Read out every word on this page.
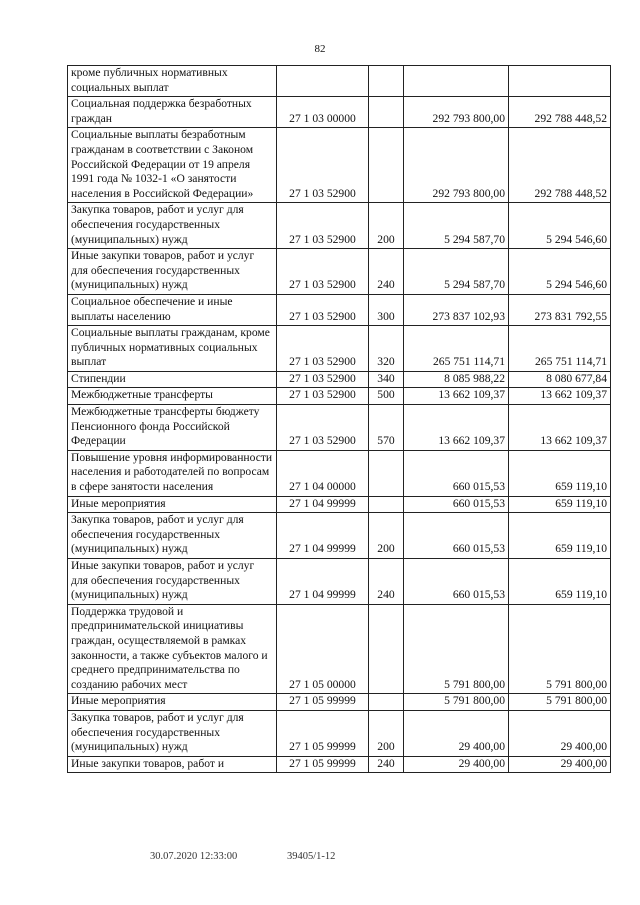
82
кроме публичных нормативных социальных выплат				
Социальная поддержка безработных граждан	27 1 03 00000		292 793 800,00	292 788 448,52
Социальные выплаты безработным гражданам в соответствии с Законом Российской Федерации от 19 апреля 1991 года № 1032-1 «О занятости населения в Российской Федерации»	27 1 03 52900		292 793 800,00	292 788 448,52
Закупка товаров, работ и услуг для обеспечения государственных (муниципальных) нужд	27 1 03 52900	200	5 294 587,70	5 294 546,60
Иные закупки товаров, работ и услуг для обеспечения государственных (муниципальных) нужд	27 1 03 52900	240	5 294 587,70	5 294 546,60
Социальное обеспечение и иные выплаты населению	27 1 03 52900	300	273 837 102,93	273 831 792,55
Социальные выплаты гражданам, кроме публичных нормативных социальных выплат	27 1 03 52900	320	265 751 114,71	265 751 114,71
Стипендии	27 1 03 52900	340	8 085 988,22	8 080 677,84
Межбюджетные трансферты	27 1 03 52900	500	13 662 109,37	13 662 109,37
Межбюджетные трансферты бюджету Пенсионного фонда Российской Федерации	27 1 03 52900	570	13 662 109,37	13 662 109,37
Повышение уровня информированности населения и работодателей по вопросам в сфере занятости населения	27 1 04 00000		660 015,53	659 119,10
Иные мероприятия	27 1 04 99999		660 015,53	659 119,10
Закупка товаров, работ и услуг для обеспечения государственных (муниципальных) нужд	27 1 04 99999	200	660 015,53	659 119,10
Иные закупки товаров, работ и услуг для обеспечения государственных (муниципальных) нужд	27 1 04 99999	240	660 015,53	659 119,10
Поддержка трудовой и предпринимательской инициативы граждан, осуществляемой в рамках законности, а также субъектов малого и среднего предпринимательства по созданию рабочих мест	27 1 05 00000		5 791 800,00	5 791 800,00
Иные мероприятия	27 1 05 99999		5 791 800,00	5 791 800,00
Закупка товаров, работ и услуг для обеспечения государственных (муниципальных) нужд	27 1 05 99999	200	29 400,00	29 400,00
Иные закупки товаров, работ и	27 1 05 99999	240	29 400,00	29 400,00
30.07.2020 12:33:00	39405/1-12
